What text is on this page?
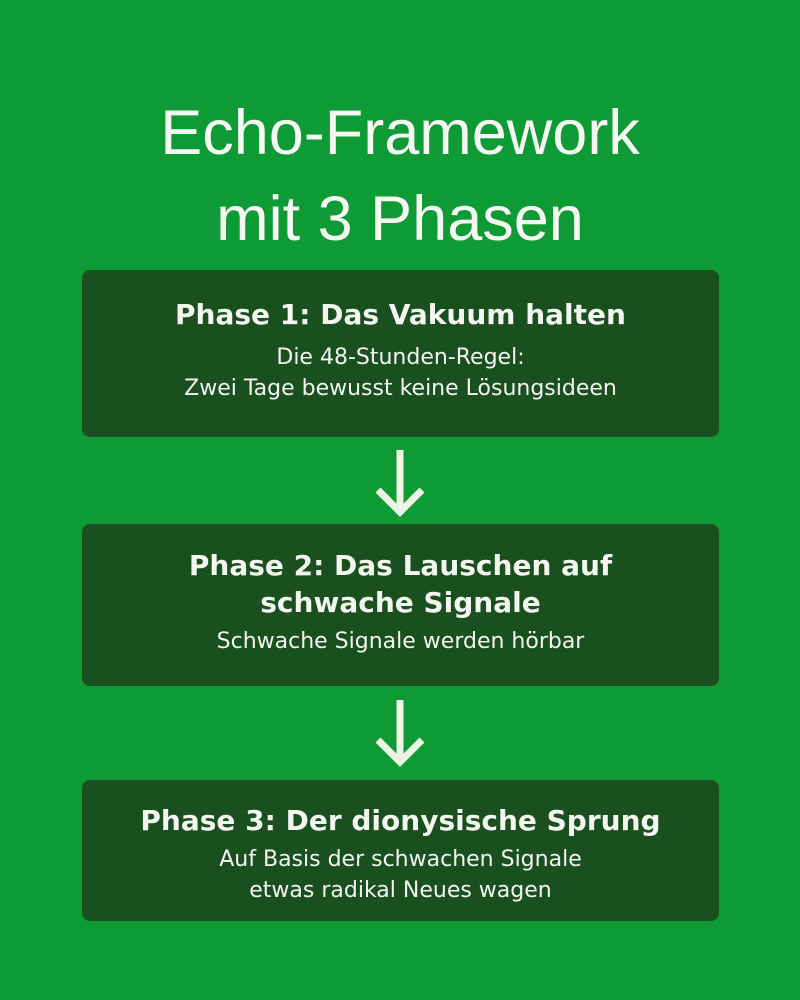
Echo-Framework
mit 3 Phasen
Phase 1: Das Vakuum halten
Die 48-Stunden-Regel:
Zwei Tage bewusst keine Lösungsideen
Phase 2: Das Lauschen auf
schwache Signale
Schwache Signale werden hörbar
Phase 3: Der dionysische Sprung
Auf Basis der schwachen Signale
etwas radikal Neues wagen
